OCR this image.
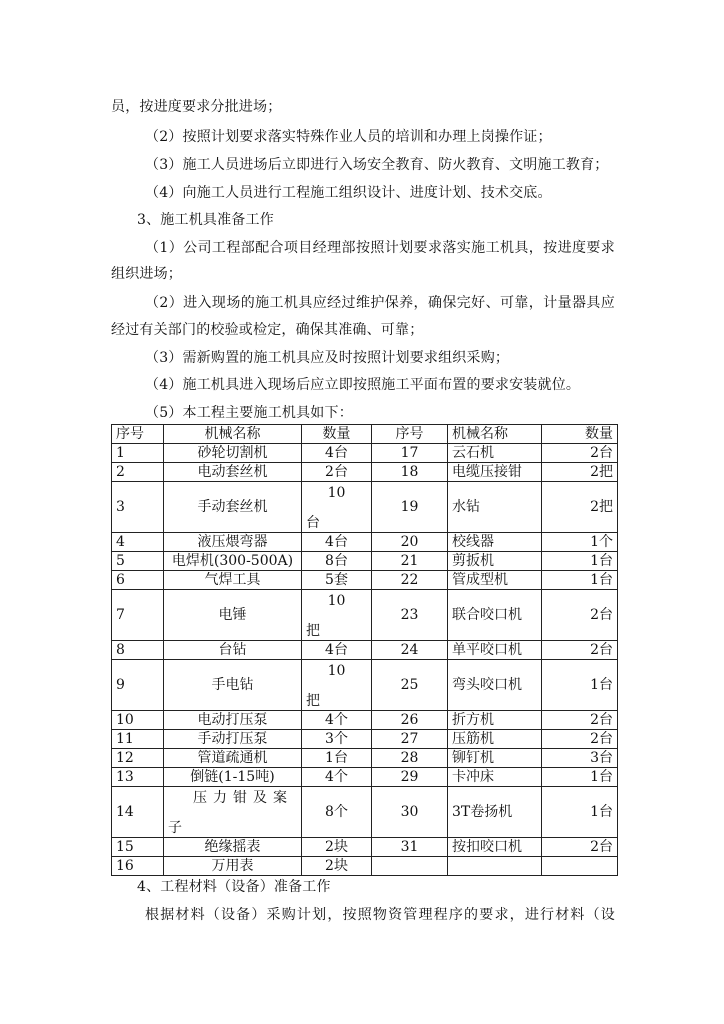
员，按进度要求分批进场；
（2）按照计划要求落实特殊作业人员的培训和办理上岗操作证；
（3）施工人员进场后立即进行入场安全教育、防火教育、文明施工教育；
（4）向施工人员进行工程施工组织设计、进度计划、技术交底。
3、施工机具准备工作
（1）公司工程部配合项目经理部按照计划要求落实施工机具，按进度要求
组织进场；
（2）进入现场的施工机具应经过维护保养，确保完好、可靠，计量器具应
经过有关部门的校验或检定，确保其准确、可靠；
（3）需新购置的施工机具应及时按照计划要求组织采购；
（4）施工机具进入现场后应立即按照施工平面布置的要求安装就位。
（5）本工程主要施工机具如下：
序号	机械名称	数量	序号	机械名称	数量
1	砂轮切割机	4台	17	云石机	2台
2	电动套丝机	2台	18	电缆压接钳	2把
3	手动套丝机	10
台	19	水钻	2把
4	液压煨弯器	4台	20	校线器	1个
5	电焊机(300-500A)	8台	21	剪扳机	1台
6	气焊工具	5套	22	管成型机	1台
7	电锤	10
把	23	联合咬口机	2台
8	台钻	4台	24	单平咬口机	2台
9	手电钻	10
把	25	弯头咬口机	1台
10	电动打压泵	4个	26	折方机	2台
11	手动打压泵	3个	27	压筋机	2台
12	管道疏通机	1台	28	铆钉机	3台
13	倒链(1-15吨)	4个	29	卡冲床	1台
14	压力钳及案
子	8个	30	3T卷扬机	1台
15	绝缘摇表	2块	31	按扣咬口机	2台
16	万用表	2块			
4、工程材料（设备）准备工作
根据材料（设备）采购计划，按照物资管理程序的要求，进行材料（设
